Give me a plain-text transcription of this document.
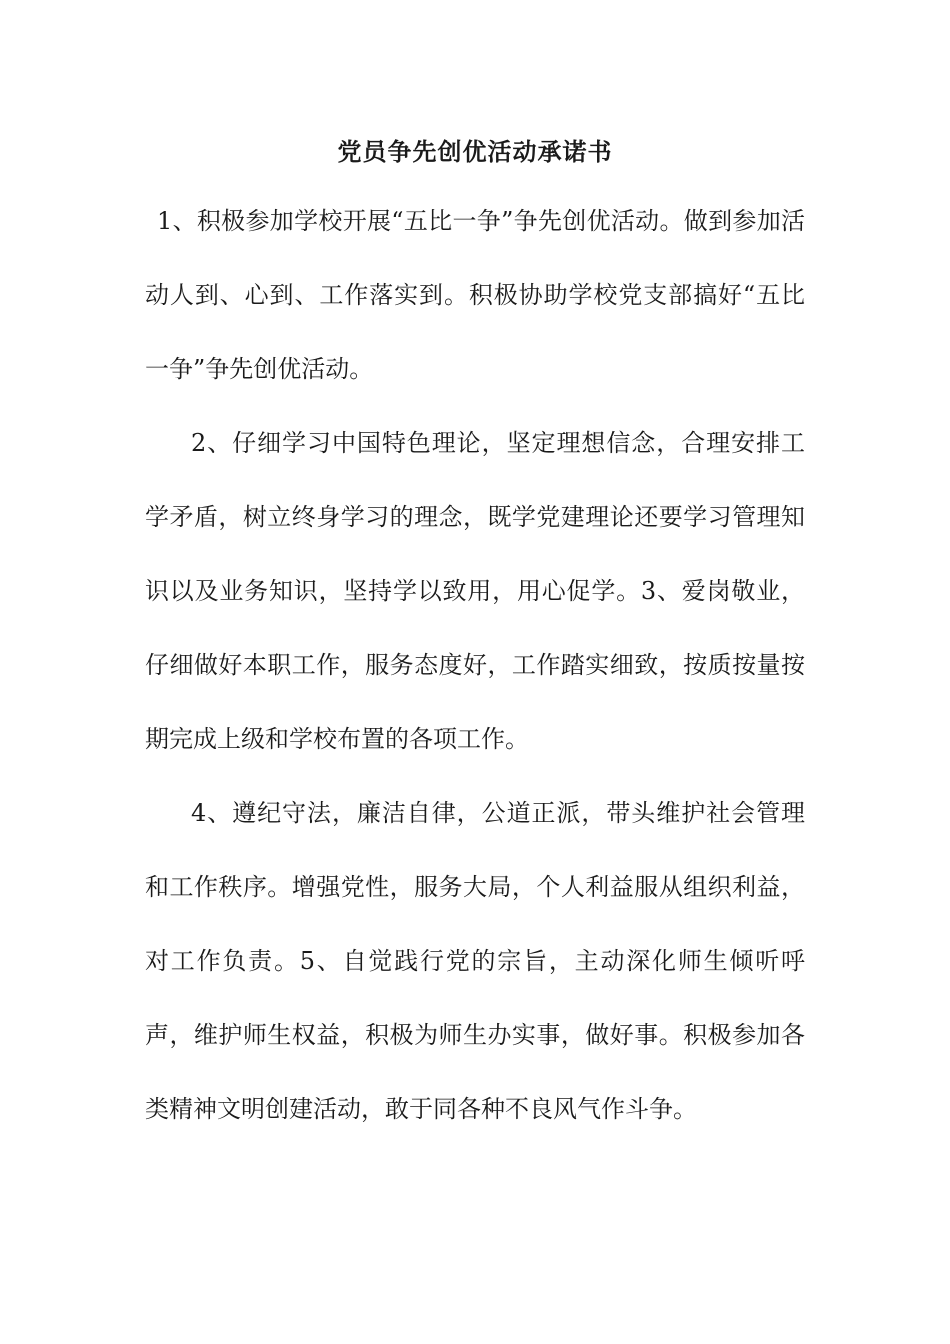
党员争先创优活动承诺书

1、积极参加学校开展“五比一争”争先创优活动。做到参加活动人到、心到、工作落实到。积极协助学校党支部搞好“五比一争”争先创优活动。

2、仔细学习中国特色理论，坚定理想信念，合理安排工学矛盾，树立终身学习的理念，既学党建理论还要学习管理知识以及业务知识，坚持学以致用，用心促学。3、爱岗敬业，仔细做好本职工作，服务态度好，工作踏实细致，按质按量按期完成上级和学校布置的各项工作。

4、遵纪守法，廉洁自律，公道正派，带头维护社会管理和工作秩序。增强党性，服务大局，个人利益服从组织利益，对工作负责。5、自觉践行党的宗旨，主动深化师生倾听呼声，维护师生权益，积极为师生办实事，做好事。积极参加各类精神文明创建活动，敢于同各种不良风气作斗争。
